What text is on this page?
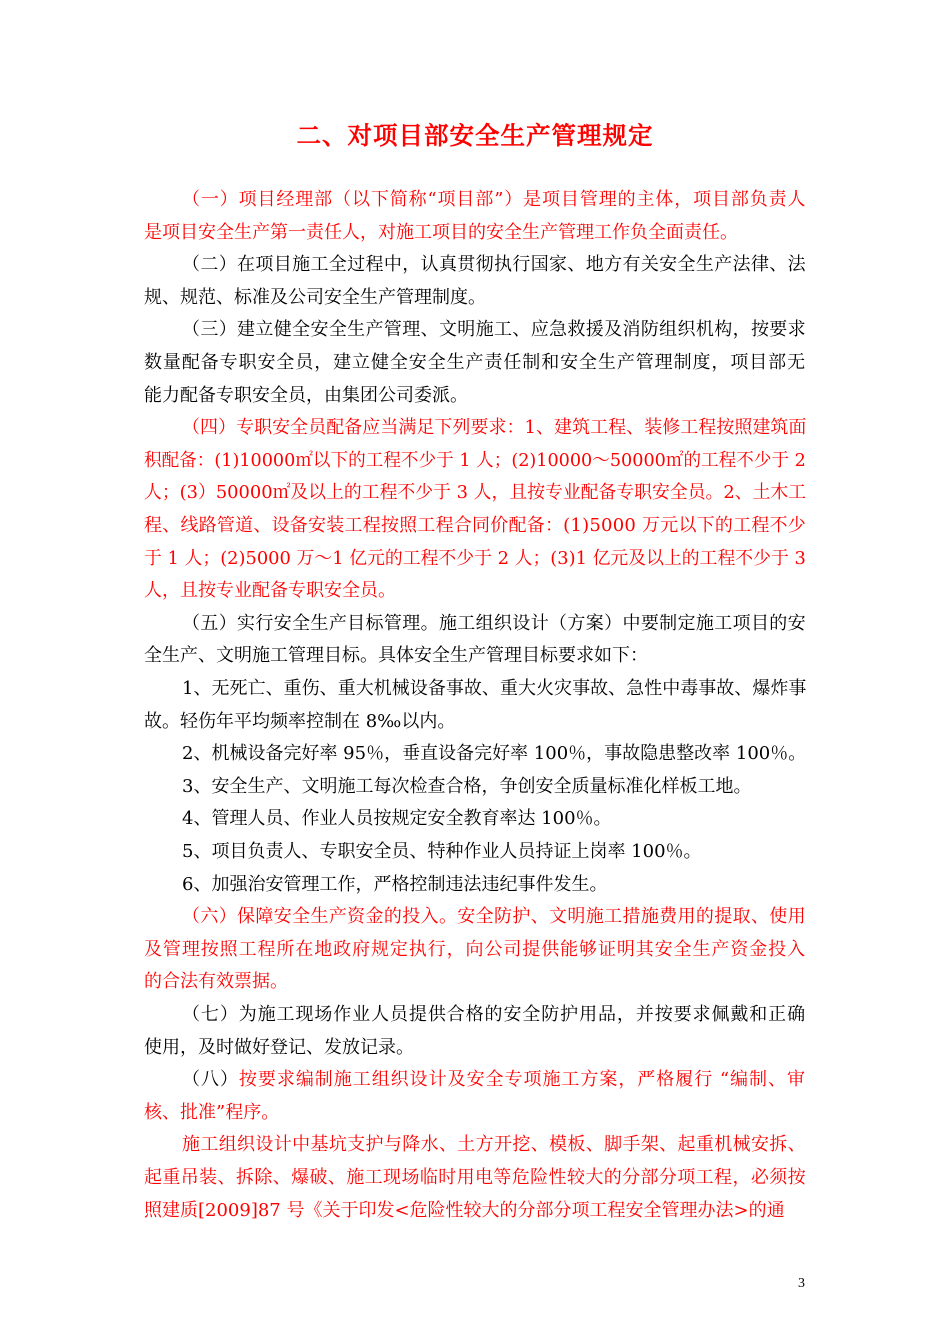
二、对项目部安全生产管理规定
（一）项目经理部（以下简称“项目部”）是项目管理的主体，项目部负责人
是项目安全生产第一责任人，对施工项目的安全生产管理工作负全面责任。
（二）在项目施工全过程中，认真贯彻执行国家、地方有关安全生产法律、法
规、规范、标准及公司安全生产管理制度。
（三）建立健全安全生产管理、文明施工、应急救援及消防组织机构，按要求
数量配备专职安全员，建立健全安全生产责任制和安全生产管理制度，项目部无
能力配备专职安全员，由集团公司委派。
（四）专职安全员配备应当满足下列要求：1、建筑工程、装修工程按照建筑面
积配备：(1)10000㎡以下的工程不少于 1 人；(2)10000～50000㎡的工程不少于 2
人；(3）50000㎡及以上的工程不少于 3 人，且按专业配备专职安全员。2、土木工
程、线路管道、设备安装工程按照工程合同价配备：(1)5000 万元以下的工程不少
于 1 人；(2)5000 万～1 亿元的工程不少于 2 人；(3)1 亿元及以上的工程不少于 3
人，且按专业配备专职安全员。
（五）实行安全生产目标管理。施工组织设计（方案）中要制定施工项目的安
全生产、文明施工管理目标。具体安全生产管理目标要求如下：
1、无死亡、重伤、重大机械设备事故、重大火灾事故、急性中毒事故、爆炸事
故。轻伤年平均频率控制在 8‰以内。
2、机械设备完好率 95％，垂直设备完好率 100％，事故隐患整改率 100％。
3、安全生产、文明施工每次检查合格，争创安全质量标准化样板工地。
4、管理人员、作业人员按规定安全教育率达 100％。
5、项目负责人、专职安全员、特种作业人员持证上岗率 100％。
6、加强治安管理工作，严格控制违法违纪事件发生。
（六）保障安全生产资金的投入。安全防护、文明施工措施费用的提取、使用
及管理按照工程所在地政府规定执行，向公司提供能够证明其安全生产资金投入
的合法有效票据。
（七）为施工现场作业人员提供合格的安全防护用品，并按要求佩戴和正确
使用，及时做好登记、发放记录。
（八）按要求编制施工组织设计及安全专项施工方案，严格履行 “编制、审
核、批准”程序。
施工组织设计中基坑支护与降水、土方开挖、模板、脚手架、起重机械安拆、
起重吊装、拆除、爆破、施工现场临时用电等危险性较大的分部分项工程，必须按
照建质[2009]87 号《关于印发<危险性较大的分部分项工程安全管理办法>的通
3
